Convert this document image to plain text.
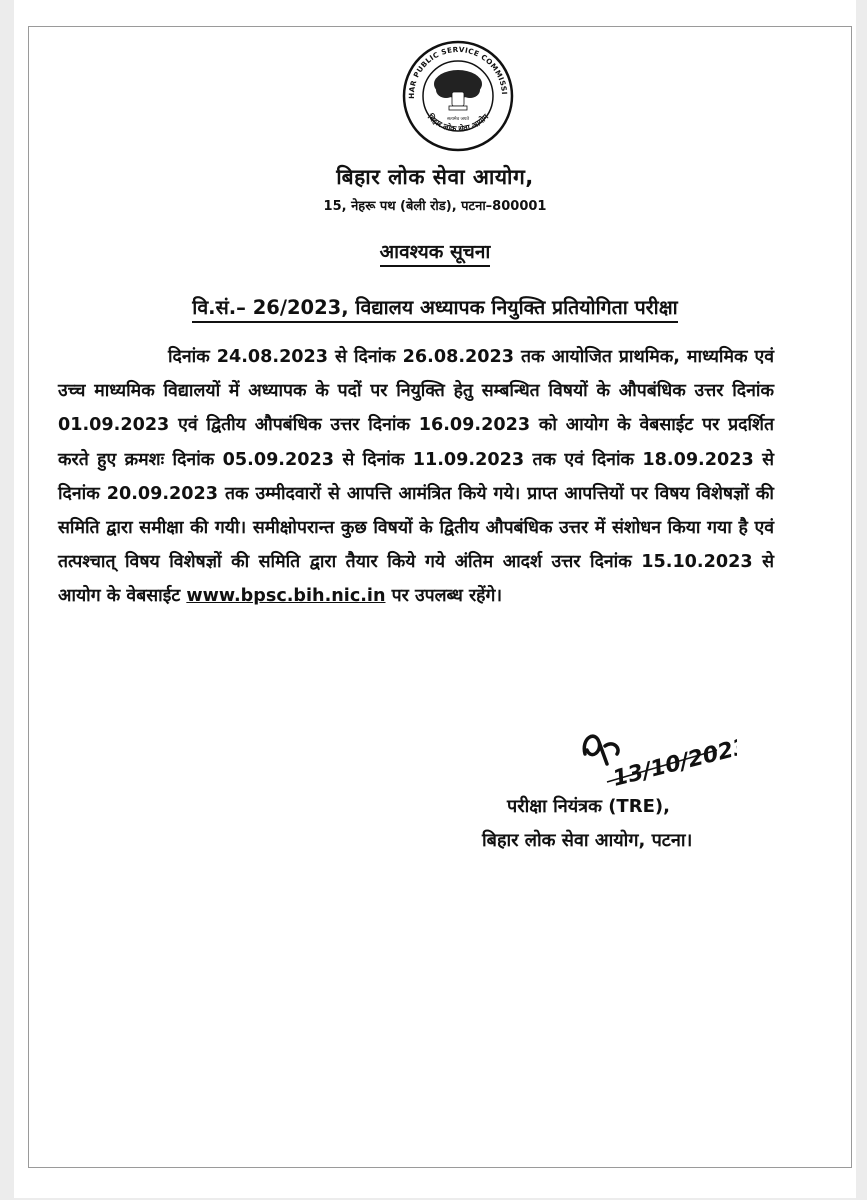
HAR PUBLIC SERVICE COMMISSI
बिहार लोक सेवा आयोग
सत्यमेव जयते
बिहार लोक सेवा आयोग,
15, नेहरू पथ (बेली रोड), पटना–800001
आवश्यक सूचना
वि.सं.– 26/2023, विद्यालय अध्यापक नियुक्ति प्रतियोगिता परीक्षा
दिनांक 24.08.2023 से दिनांक 26.08.2023 तक आयोजित प्राथमिक, माध्यमिक एवं उच्च माध्यमिक विद्यालयों में अध्यापक के पदों पर नियुक्ति हेतु सम्बन्धित विषयों के औपबंधिक उत्तर दिनांक 01.09.2023 एवं द्वितीय औपबंधिक उत्तर दिनांक 16.09.2023 को आयोग के वेबसाईट पर प्रदर्शित करते हुए क्रमशः दिनांक 05.09.2023 से दिनांक 11.09.2023 तक एवं दिनांक 18.09.2023 से दिनांक 20.09.2023 तक उम्मीदवारों से आपत्ति आमंत्रित किये गये। प्राप्त आपत्तियों पर विषय विशेषज्ञों की समिति द्वारा समीक्षा की गयी। समीक्षोपरान्त कुछ विषयों के द्वितीय औपबंधिक उत्तर में संशोधन किया गया है एवं तत्पश्चात् विषय विशेषज्ञों की समिति द्वारा तैयार किये गये अंतिम आदर्श उत्तर दिनांक 15.10.2023 से आयोग के वेबसाईट www.bpsc.bih.nic.in पर उपलब्ध रहेंगे।
13/10/2023
परीक्षा नियंत्रक (TRE),
बिहार लोक सेवा आयोग, पटना।
